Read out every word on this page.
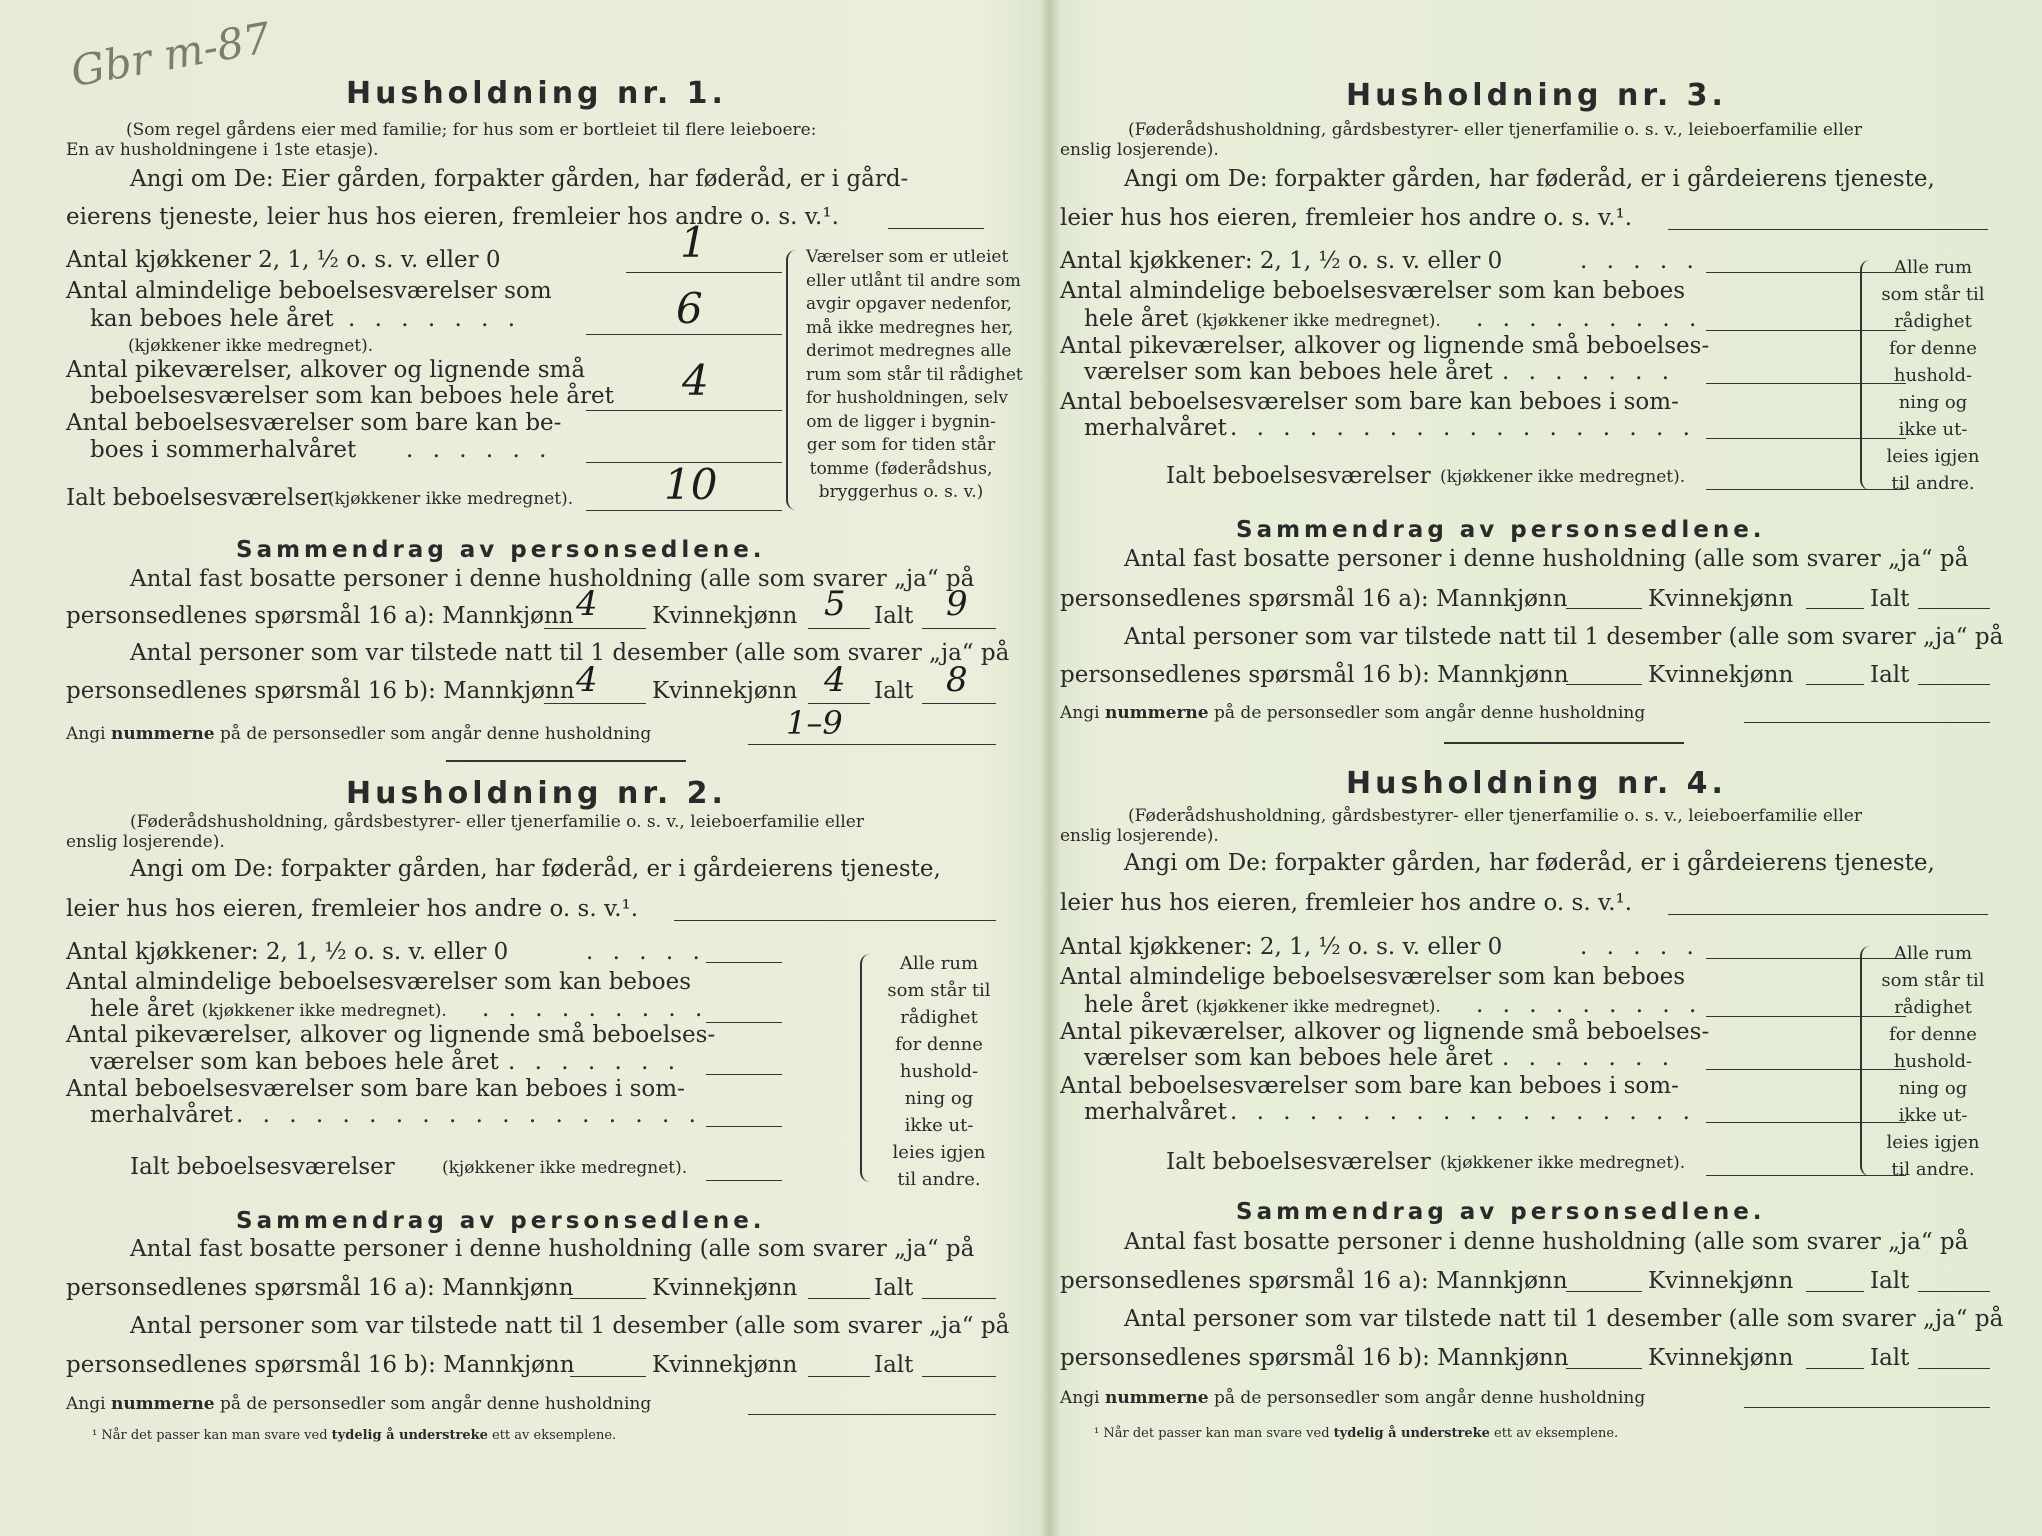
Gbr m-87 Husholdning nr. 1.
(Som regel gårdens eier med familie; for hus som er bortleiet til flere leieboere:
En av husholdningene i 1ste etasje).
Angi om De: Eier gården, forpakter gården, har føderåd, er i gård-
eierens tjeneste, leier hus hos eieren, fremleier hos andre o. s. v.¹.
Antal kjøkkener 2, 1, ½ o. s. v. eller 0	1
Antal almindelige beboelsesværelser som
kan beboes hele året . . . . . . .	6
(kjøkkener ikke medregnet).
Antal pikeværelser, alkover og lignende små
beboelsesværelser som kan beboes hele året 4
Antal beboelsesværelser som bare kan be-
boes i sommerhalvåret . . . . . .
Ialt beboelsesværelser
(kjøkkener ikke medregnet). 10
Værelser som er utleiet
eller utlånt til andre som
avgir opgaver nedenfor,
må ikke medregnes her,
derimot medregnes alle
rum som står til rådighet
for husholdningen, selv
om de ligger i bygnin-
ger som for tiden står
tomme (føderådshus,
bryggerhus o. s. v.)
Sammendrag av personsedlene.
Antal fast bosatte personer i denne husholdning (alle som svarer „ja“ på
personsedlenes spørsmål 16 a): Mannkjønn 4 Kvinnekjønn 5 Ialt 9
Antal personer som var tilstede natt til 1 desember (alle som svarer „ja“ på
personsedlenes spørsmål 16 b): Mannkjønn 4 Kvinnekjønn 4 Ialt 8
Angi nummerne på de personsedler som angår denne husholdning	1–9
Husholdning nr. 2.
(Føderådshusholdning, gårdsbestyrer- eller tjenerfamilie o. s. v., leieboerfamilie eller
enslig losjerende).
Angi om De: forpakter gården, har føderåd, er i gårdeierens tjeneste,
leier hus hos eieren, fremleier hos andre o. s. v.¹.
Antal kjøkkener: 2, 1, ½ o. s. v. eller 0	. . . . .
Antal almindelige beboelsesværelser som kan beboes
hele året (kjøkkener ikke medregnet). . . . . . . . . .
Antal pikeværelser, alkover og lignende små beboelses-
værelser som kan beboes hele året . . . . . . .
Antal beboelsesværelser som bare kan beboes i som-
merhalvåret . . . . . . . . . . . . . . . . . .
Ialt beboelsesværelser	(kjøkkener ikke medregnet).
Alle rum
som står til
rådighet
for denne
hushold-
ning og
ikke ut-
leies igjen
til andre.
Sammendrag av personsedlene.
Antal fast bosatte personer i denne husholdning (alle som svarer „ja“ på
personsedlenes spørsmål 16 a): Mannkjønn	Kvinnekjønn	Ialt
Antal personer som var tilstede natt til 1 desember (alle som svarer „ja“ på
personsedlenes spørsmål 16 b): Mannkjønn	Kvinnekjønn	Ialt
Angi nummerne på de personsedler som angår denne husholdning
¹ Når det passer kan man svare ved tydelig å understreke ett av eksemplene.
Husholdning nr. 3.
(Føderådshusholdning, gårdsbestyrer- eller tjenerfamilie o. s. v., leieboerfamilie eller
enslig losjerende).
Angi om De: forpakter gården, har føderåd, er i gårdeierens tjeneste,
leier hus hos eieren, fremleier hos andre o. s. v.¹.
Antal kjøkkener: 2, 1, ½ o. s. v. eller 0	. . . . .
Antal almindelige beboelsesværelser som kan beboes
hele året (kjøkkener ikke medregnet). . . . . . . . . .
Antal pikeværelser, alkover og lignende små beboelses-
værelser som kan beboes hele året . . . . . . .
Antal beboelsesværelser som bare kan beboes i som-
merhalvåret . . . . . . . . . . . . . . . . . .
Ialt beboelsesværelser (kjøkkener ikke medregnet).
Alle rum
som står til
rådighet
for denne
hushold-
ning og
ikke ut-
leies igjen
til andre.
Sammendrag av personsedlene.
Antal fast bosatte personer i denne husholdning (alle som svarer „ja“ på
personsedlenes spørsmål 16 a): Mannkjønn	Kvinnekjønn	Ialt
Antal personer som var tilstede natt til 1 desember (alle som svarer „ja“ på
personsedlenes spørsmål 16 b): Mannkjønn	Kvinnekjønn	Ialt
Angi nummerne på de personsedler som angår denne husholdning
Husholdning nr. 4.
(Føderådshusholdning, gårdsbestyrer- eller tjenerfamilie o. s. v., leieboerfamilie eller
enslig losjerende).
Angi om De: forpakter gården, har føderåd, er i gårdeierens tjeneste,
leier hus hos eieren, fremleier hos andre o. s. v.¹.
Antal kjøkkener: 2, 1, ½ o. s. v. eller 0	. . . . .
Antal almindelige beboelsesværelser som kan beboes
hele året (kjøkkener ikke medregnet). . . . . . . . . .
Antal pikeværelser, alkover og lignende små beboelses-
værelser som kan beboes hele året . . . . . . .
Antal beboelsesværelser som bare kan beboes i som-
merhalvåret . . . . . . . . . . . . . . . . . .
Ialt beboelsesværelser (kjøkkener ikke medregnet).
Alle rum
som står til
rådighet
for denne
hushold-
ning og
ikke ut-
leies igjen
til andre.
Sammendrag av personsedlene.
Antal fast bosatte personer i denne husholdning (alle som svarer „ja“ på
personsedlenes spørsmål 16 a): Mannkjønn	Kvinnekjønn	Ialt
Antal personer som var tilstede natt til 1 desember (alle som svarer „ja“ på
personsedlenes spørsmål 16 b): Mannkjønn	Kvinnekjønn	Ialt
Angi nummerne på de personsedler som angår denne husholdning
¹ Når det passer kan man svare ved tydelig å understreke ett av eksemplene.
